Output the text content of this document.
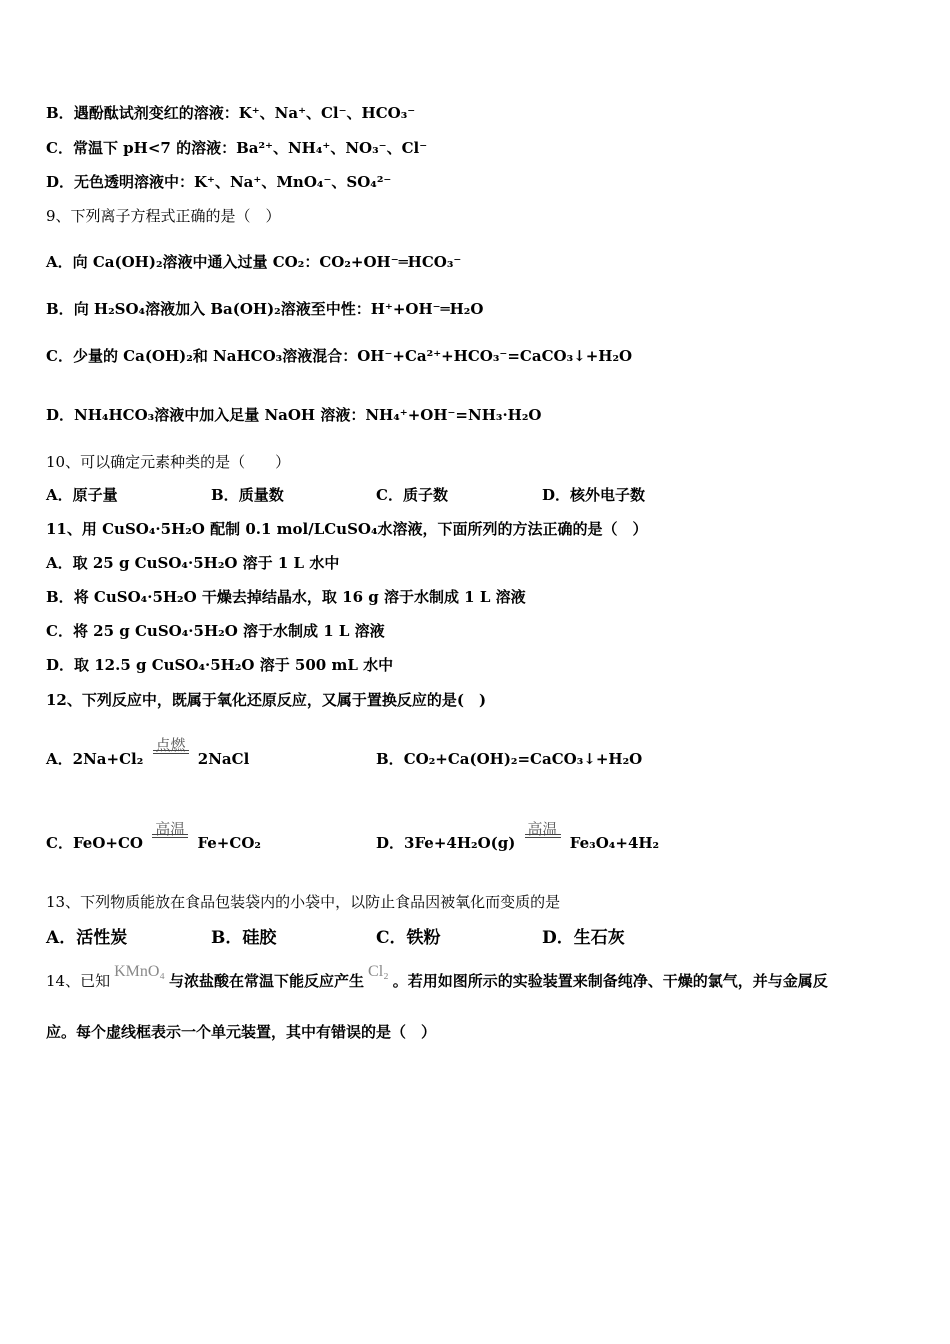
B．遇酚酞试剂变红的溶液：K⁺、Na⁺、Cl⁻、HCO₃⁻
C．常温下 pH<7 的溶液：Ba²⁺、NH₄⁺、NO₃⁻、Cl⁻
D．无色透明溶液中：K⁺、Na⁺、MnO₄⁻、SO₄²⁻
9、下列离子方程式正确的是（　）
A．向 Ca(OH)₂溶液中通入过量 CO₂：CO₂+OH⁻═HCO₃⁻
B．向 H₂SO₄溶液加入 Ba(OH)₂溶液至中性：H⁺+OH⁻═H₂O
C．少量的 Ca(OH)₂和 NaHCO₃溶液混合：OH⁻+Ca²⁺+HCO₃⁻=CaCO₃↓+H₂O
D．NH₄HCO₃溶液中加入足量 NaOH 溶液：NH₄⁺+OH⁻=NH₃·H₂O
10、可以确定元素种类的是（　　）
A．原子量	B．质量数	C．质子数	D．核外电子数
11、用 CuSO₄·5H₂O 配制 0.1 mol/LCuSO₄水溶液，下面所列的方法正确的是（　）
A．取 25 g CuSO₄·5H₂O 溶于 1 L 水中
B．将 CuSO₄·5H₂O 干燥去掉结晶水，取 16 g 溶于水制成 1 L 溶液
C．将 25 g CuSO₄·5H₂O 溶于水制成 1 L 溶液
D．取 12.5 g CuSO₄·5H₂O 溶于 500 mL 水中
12、下列反应中，既属于氧化还原反应，又属于置换反应的是(　)
A．2Na+Cl₂
点燃
2NaCl	B．CO₂+Ca(OH)₂=CaCO₃↓+H₂O
C．FeO+CO
高温
Fe+CO₂	D．3Fe+4H₂O(g)
高温
Fe₃O₄+4H₂
13、下列物质能放在食品包装袋内的小袋中，以防止食品因被氧化而变质的是
A．活性炭	B．硅胶	C．铁粉	D．生石灰
14、已知KMnO₄与浓盐酸在常温下能反应产生Cl₂。若用如图所示的实验装置来制备纯净、干燥的氯气，并与金属反
应。每个虚线框表示一个单元装置，其中有错误的是（　）
